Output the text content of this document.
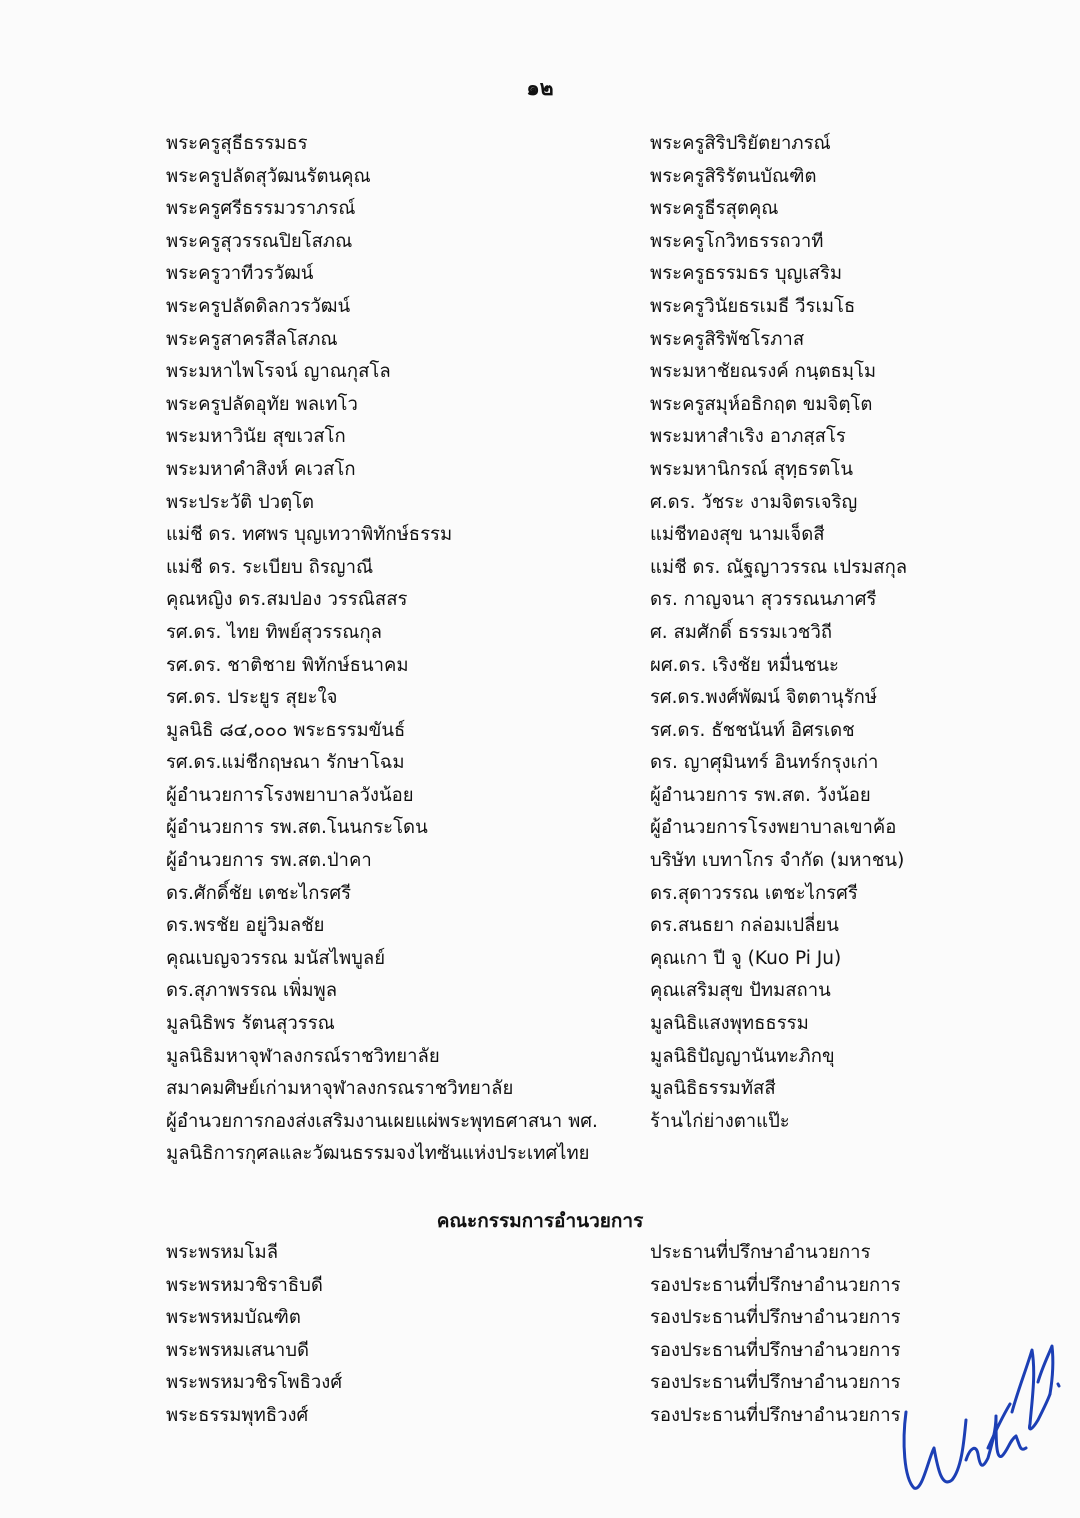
๑๒
พระครูสุธีธรรมธร
พระครูปลัดสุวัฒนรัตนคุณ
พระครูศรีธรรมวราภรณ์
พระครูสุวรรณปิยโสภณ
พระครูวาทีวรวัฒน์
พระครูปลัดดิลกวรวัฒน์
พระครูสาครสีลโสภณ
พระมหาไพโรจน์ ญาณกุสโล
พระครูปลัดอุทัย พลเทโว
พระมหาวินัย สุขเวสโก
พระมหาคำสิงห์ คเวสโก
พระประวัติ ปวตฺโต
แม่ชี ดร. ทศพร บุญเทวาพิทักษ์ธรรม
แม่ชี ดร. ระเบียบ ถิรญาณี
คุณหญิง ดร.สมปอง วรรณิสสร
รศ.ดร. ไทย ทิพย์สุวรรณกุล
รศ.ดร. ชาติชาย พิทักษ์ธนาคม
รศ.ดร. ประยูร สุยะใจ
มูลนิธิ ๘๔,๐๐๐ พระธรรมขันธ์
รศ.ดร.แม่ชีกฤษณา รักษาโฉม
ผู้อำนวยการโรงพยาบาลวังน้อย
ผู้อำนวยการ รพ.สต.โนนกระโดน
ผู้อำนวยการ รพ.สต.ป่าคา
ดร.ศักดิ์ชัย เตชะไกรศรี
ดร.พรชัย อยู่วิมลชัย
คุณเบญจวรรณ มนัสไพบูลย์
ดร.สุภาพรรณ เพิ่มพูล
มูลนิธิพร รัตนสุวรรณ
มูลนิธิมหาจุฬาลงกรณ์ราชวิทยาลัย
สมาคมศิษย์เก่ามหาจุฬาลงกรณราชวิทยาลัย
ผู้อำนวยการกองส่งเสริมงานเผยแผ่พระพุทธศาสนา พศ.
มูลนิธิการกุศลและวัฒนธรรมจงไทซันแห่งประเทศไทย
พระครูสิริปริยัตยาภรณ์
พระครูสิริรัตนบัณฑิต
พระครูธีรสุตคุณ
พระครูโกวิทธรรถวาที
พระครูธรรมธร บุญเสริม
พระครูวินัยธรเมธี วีรเมโธ
พระครูสิริพัชโรภาส
พระมหาชัยณรงค์ กนฺตธมฺโม
พระครูสมุห์อธิกฤต ขมจิตฺโต
พระมหาสำเริง อาภสฺสโร
พระมหานิกรณ์ สุทฺธรตโน
ศ.ดร. วัชระ งามจิตรเจริญ
แม่ชีทองสุข นามเจ็ดสี
แม่ชี ดร. ณัฐญาวรรณ เปรมสกุล
ดร. กาญจนา สุวรรณนภาศรี
ศ. สมศักดิ์ ธรรมเวชวิถี
ผศ.ดร. เริงชัย หมื่นชนะ
รศ.ดร.พงศ์พัฒน์ จิตตานุรักษ์
รศ.ดร. ธัชชนันท์ อิศรเดช
ดร. ญาศุมินทร์ อินทร์กรุงเก่า
ผู้อำนวยการ รพ.สต. วังน้อย
ผู้อำนวยการโรงพยาบาลเขาค้อ
บริษัท เบทาโกร จำกัด (มหาชน)
ดร.สุดาวรรณ เตชะไกรศรี
ดร.สนธยา กล่อมเปลี่ยน
คุณเกา ปี จู (Kuo Pi Ju)
คุณเสริมสุข ปัทมสถาน
มูลนิธิแสงพุทธธรรม
มูลนิธิปัญญานันทะภิกขุ
มูลนิธิธรรมทัสสี
ร้านไก่ย่างตาแป๊ะ
คณะกรรมการอำนวยการ
พระพรหมโมลี
พระพรหมวชิราธิบดี
พระพรหมบัณฑิต
พระพรหมเสนาบดี
พระพรหมวชิรโพธิวงศ์
พระธรรมพุทธิวงศ์
ประธานที่ปรึกษาอำนวยการ
รองประธานที่ปรึกษาอำนวยการ
รองประธานที่ปรึกษาอำนวยการ
รองประธานที่ปรึกษาอำนวยการ
รองประธานที่ปรึกษาอำนวยการ
รองประธานที่ปรึกษาอำนวยการ
